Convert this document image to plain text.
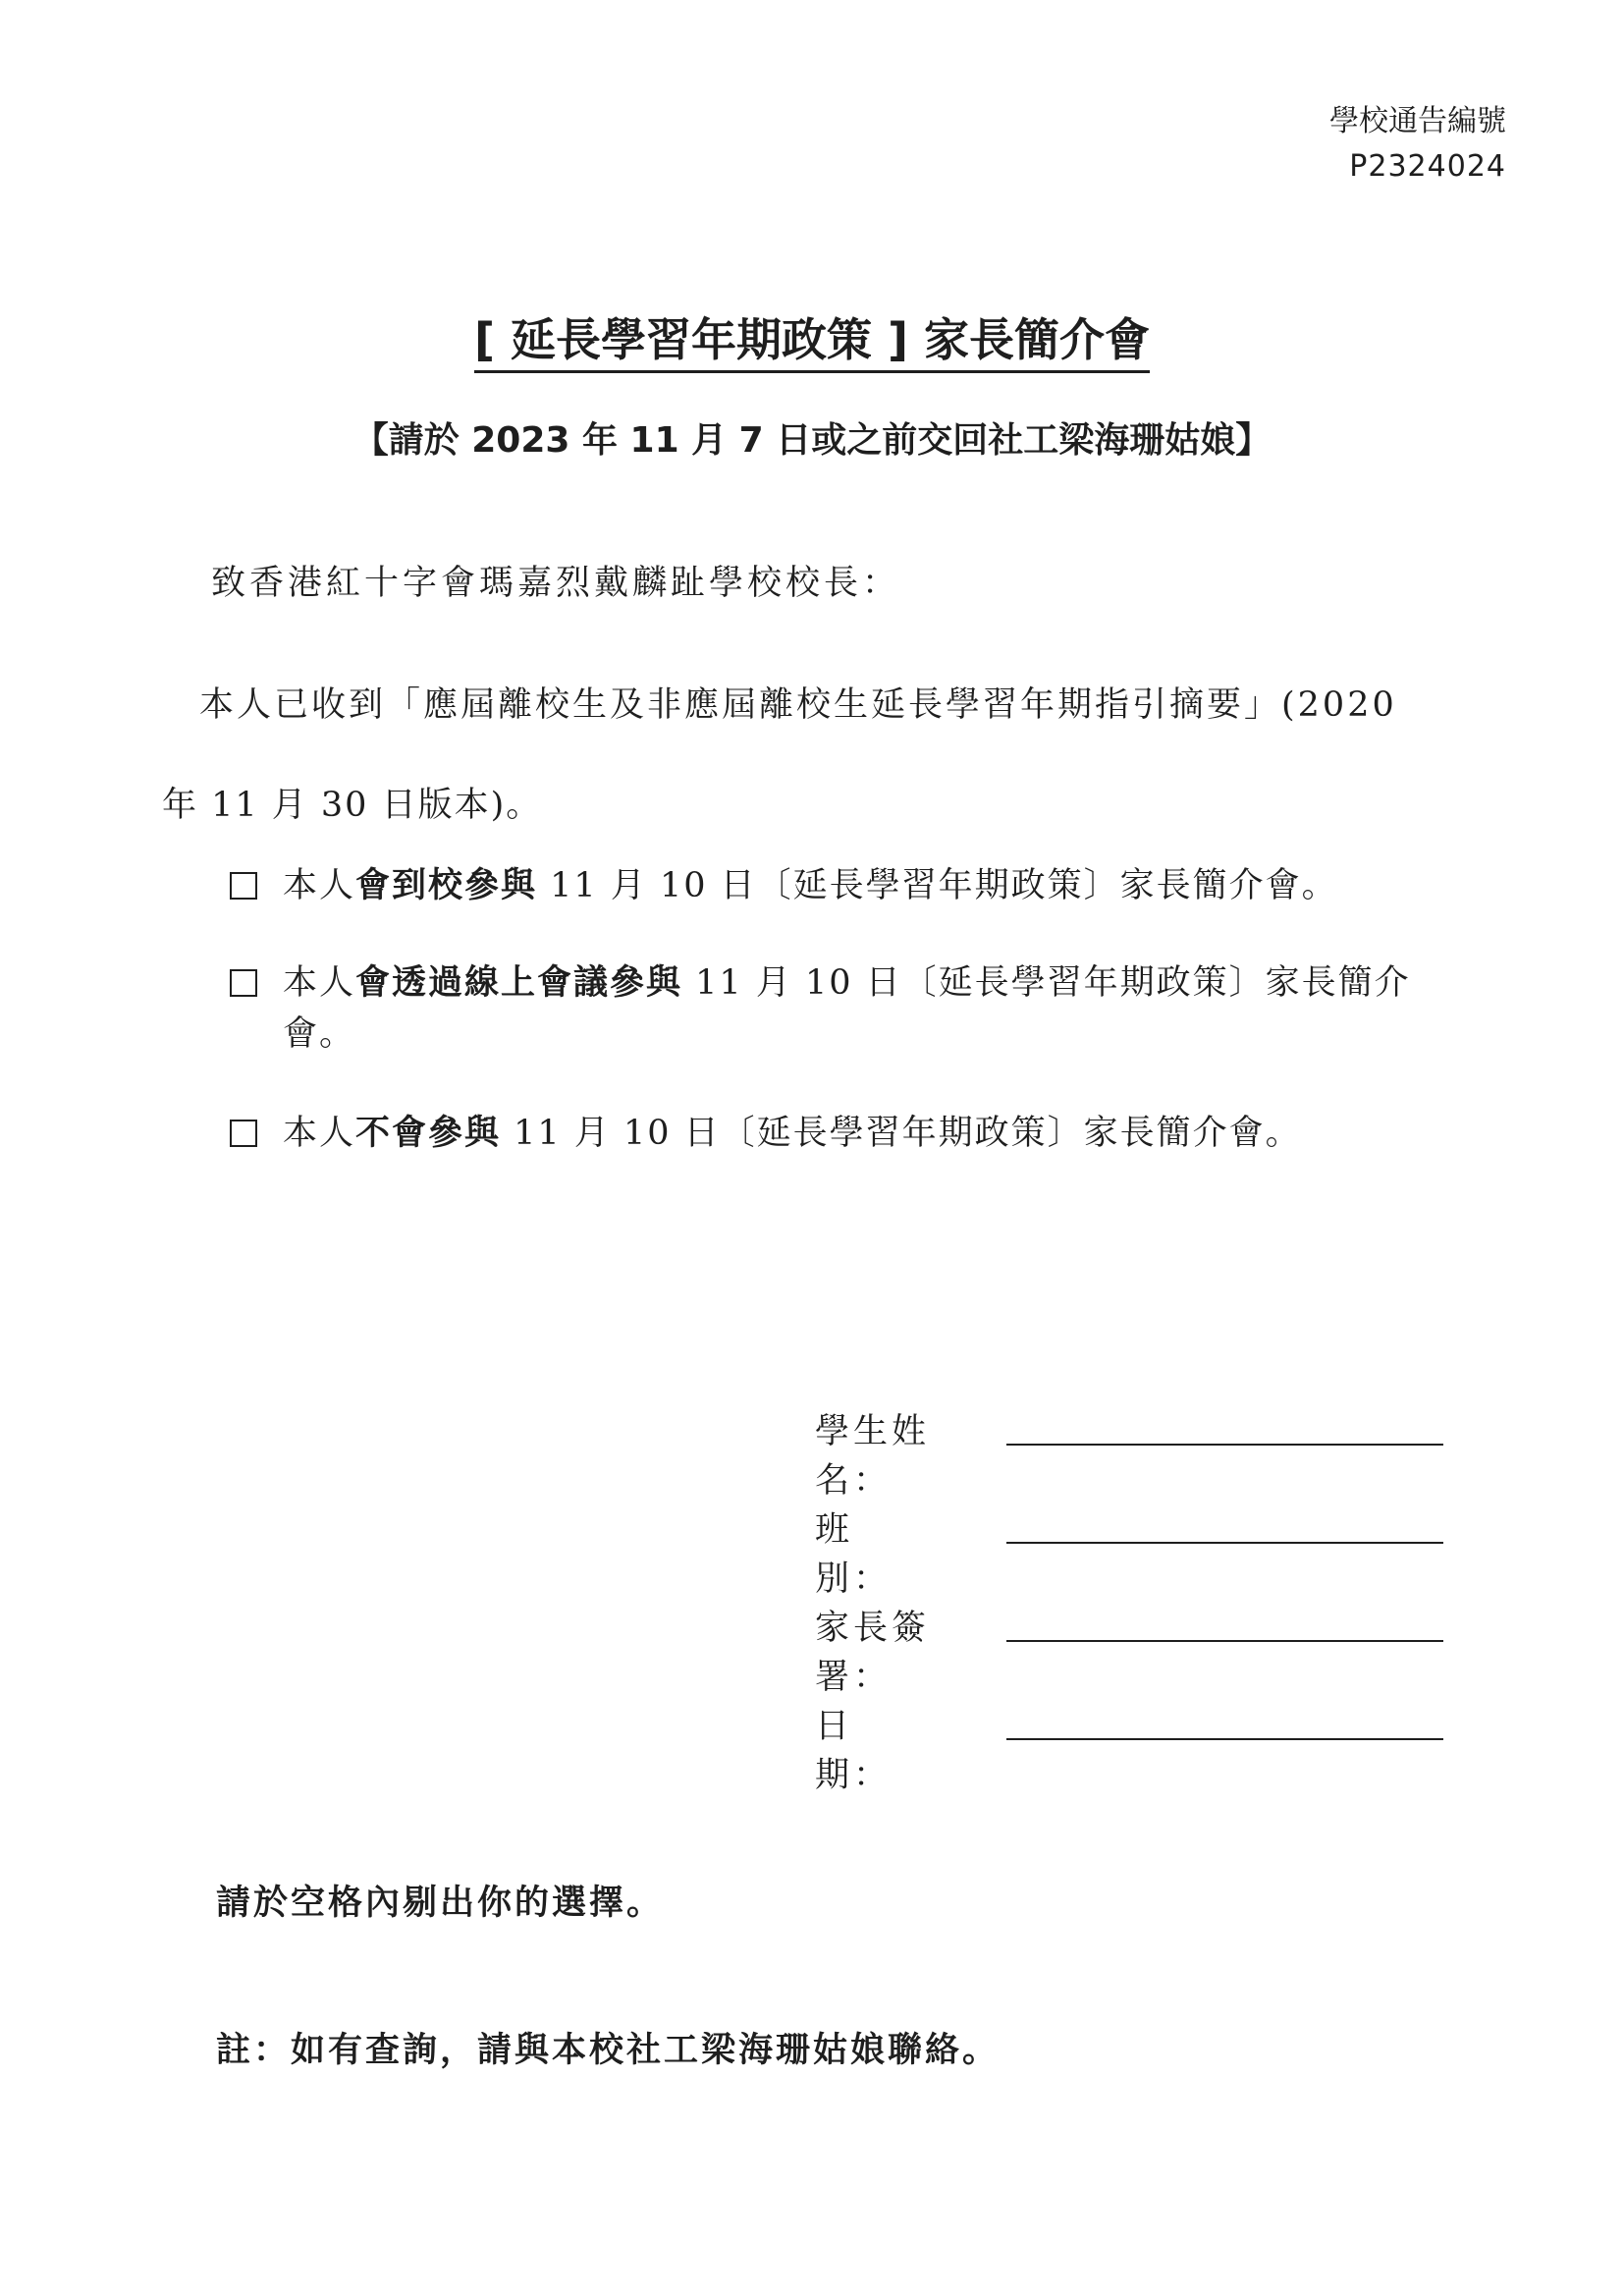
學校通告編號
P2324024
[ 延長學習年期政策 ] 家長簡介會
【請於 2023 年 11 月 7 日或之前交回社工梁海珊姑娘】
致香港紅十字會瑪嘉烈戴麟趾學校校長：
本人已收到「應屆離校生及非應屆離校生延長學習年期指引摘要」(2020
年 11 月 30 日版本)。
本人會到校參與 11 月 10 日〔延長學習年期政策〕家長簡介會。
本人會透過線上會議參與 11 月 10 日〔延長學習年期政策〕家長簡介會。
本人不會參與 11 月 10 日〔延長學習年期政策〕家長簡介會。
學生姓名：
班　　別：
家長簽署：
日　　期：
請於空格內剔出你的選擇。
註：如有查詢，請與本校社工梁海珊姑娘聯絡。
